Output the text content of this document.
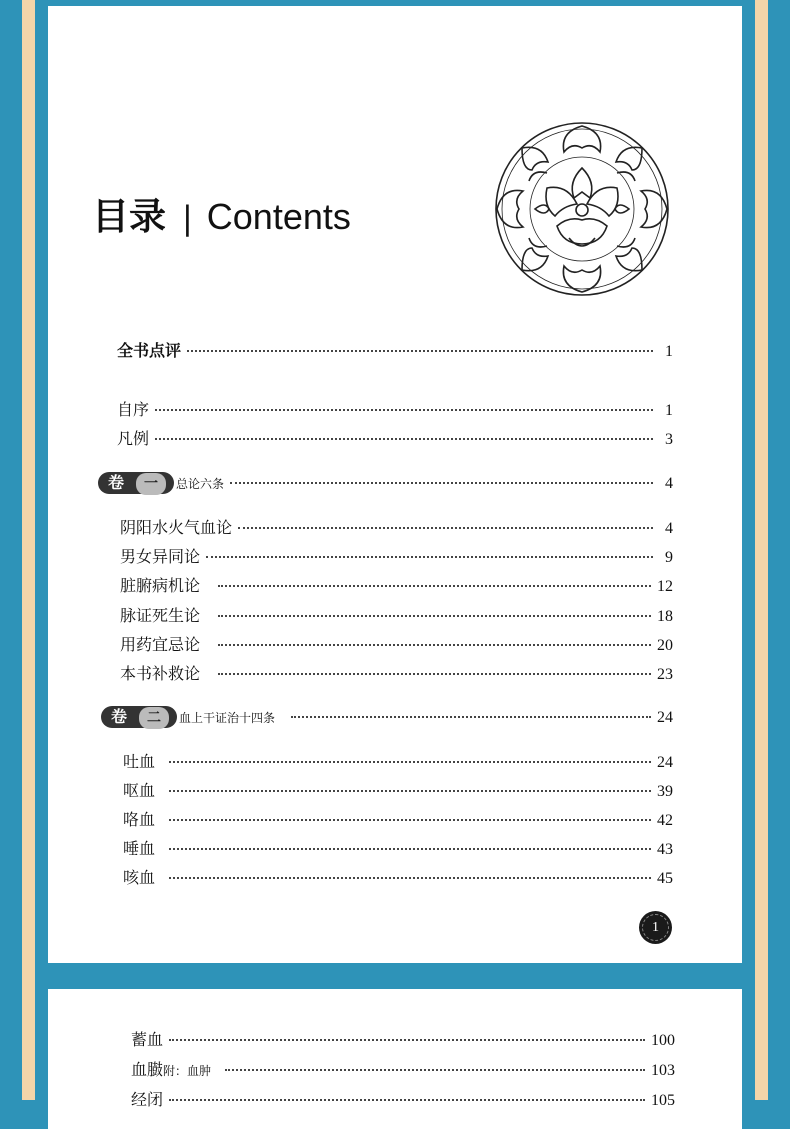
目录 | Contents
全书点评	1
自序	1
凡例	3
卷 一	总论六条	4
阴阳水火气血论	4
男女异同论	9
脏腑病机论	12
脉证死生论	18
用药宜忌论	20
本书补救论	23
卷 二	血上干证治十四条	24
吐血	24
呕血	39
咯血	42
唾血	43
咳血	45
1
蓄血	100
血臌 附：血肿	103
经闭	105
